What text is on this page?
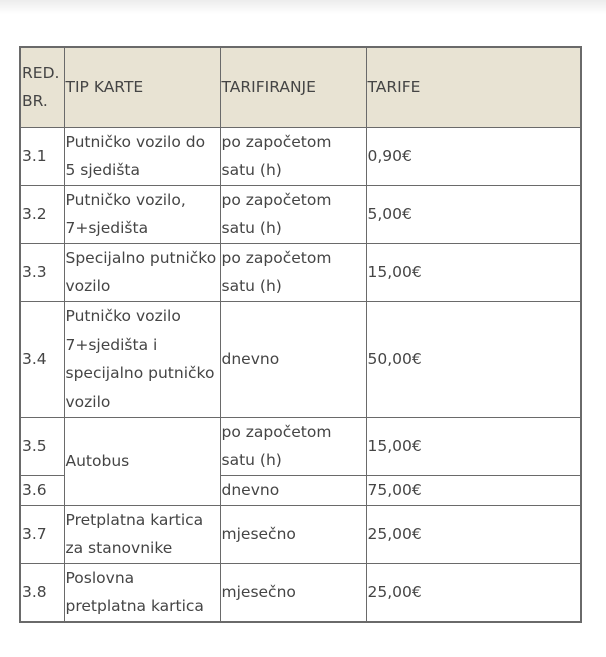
RED. BR.	TIP KARTE	TARIFIRANJE	TARIFE
3.1	Putničko vozilo do 5 sjedišta	po započetom satu (h)	0,90€
3.2	Putničko vozilo, 7+sjedišta	po započetom satu (h)	5,00€
3.3	Specijalno putničko vozilo	po započetom satu (h)	15,00€
3.4	Putničko vozilo 7+sjedišta i specijalno putničko vozilo	dnevno	50,00€
3.5	Autobus	po započetom satu (h)	15,00€
3.6		dnevno	75,00€
3.7	Pretplatna kartica za stanovnike	mjesečno	25,00€
3.8	Poslovna pretplatna kartica	mjesečno	25,00€
